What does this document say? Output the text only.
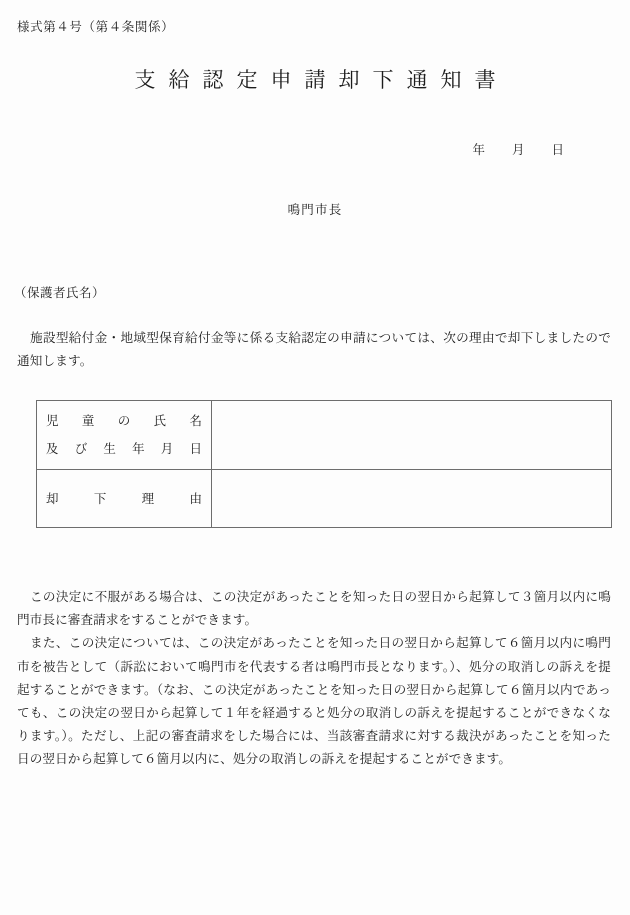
様式第４号（第４条関係）
支給認定申請却下通知書
年 月 日
鳴門市長
（保護者氏名）
施設型給付金・地域型保育給付金等に係る支給認定の申請については、次の理由で却下しましたので通知します。
児 童 の 氏 名
及 び 生 年 月 日

却 下 理 由	

この決定に不服がある場合は、この決定があったことを知った日の翌日から起算して３箇月以内に鳴門市長に審査請求をすることができます。

また、この決定については、この決定があったことを知った日の翌日から起算して６箇月以内に鳴門市を被告として（訴訟において鳴門市を代表する者は鳴門市長となります。）、処分の取消しの訴えを提起することができます。（なお、この決定があったことを知った日の翌日から起算して６箇月以内であっても、この決定の翌日から起算して１年を経過すると処分の取消しの訴えを提起することができなくなります。）。ただし、上記の審査請求をした場合には、当該審査請求に対する裁決があったことを知った日の翌日から起算して６箇月以内に、処分の取消しの訴えを提起することができます。
